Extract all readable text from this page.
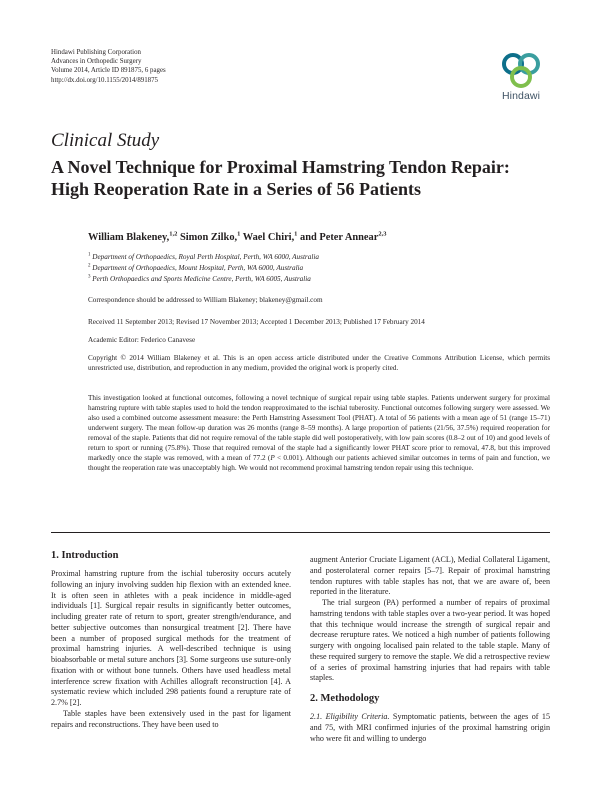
Hindawi Publishing Corporation
Advances in Orthopedic Surgery
Volume 2014, Article ID 891875, 6 pages
http://dx.doi.org/10.1155/2014/891875
Hindawi
Clinical Study
A Novel Technique for Proximal Hamstring Tendon Repair:
High Reoperation Rate in a Series of 56 Patients
William Blakeney,$^{1,2}$ Simon Zilko,$^1$ Wael Chiri,$^1$ and Peter Annear$^{2,3}$
$^1$ Department of Orthopaedics, Royal Perth Hospital, Perth, WA 6000, Australia
$^2$ Department of Orthopaedics, Mount Hospital, Perth, WA 6000, Australia
$^3$ Perth Orthopaedics and Sports Medicine Centre, Perth, WA 6005, Australia
Correspondence should be addressed to William Blakeney; blakeney@gmail.com
Received 11 September 2013; Revised 17 November 2013; Accepted 1 December 2013; Published 17 February 2014
Academic Editor: Federico Canavese
Copyright © 2014 William Blakeney et al. This is an open access article distributed under the Creative Commons Attribution License, which permits unrestricted use, distribution, and reproduction in any medium, provided the original work is properly cited.
This investigation looked at functional outcomes, following a novel technique of surgical repair using table staples. Patients underwent surgery for proximal hamstring rupture with table staples used to hold the tendon reapproximated to the ischial tuberosity. Functional outcomes following surgery were assessed. We also used a combined outcome assessment measure: the Perth Hamstring Assessment Tool (PHAT). A total of 56 patients with a mean age of 51 (range 15–71) underwent surgery. The mean follow-up duration was 26 months (range 8–59 months). A large proportion of patients (21/56, 37.5%) required reoperation for removal of the staple. Patients that did not require removal of the table staple did well postoperatively, with low pain scores (0.8–2 out of 10) and good levels of return to sport or running (75.8%). Those that required removal of the staple had a significantly lower PHAT score prior to removal, 47.8, but this improved markedly once the staple was removed, with a mean of 77.2 (P < 0.001). Although our patients achieved similar outcomes in terms of pain and function, we thought the reoperation rate was unacceptably high. We would not recommend proximal hamstring tendon repair using this technique.
1. Introduction

Proximal hamstring rupture from the ischial tuberosity occurs acutely following an injury involving sudden hip flexion with an extended knee. It is often seen in athletes with a peak incidence in middle-aged individuals [1]. Surgical repair results in significantly better outcomes, including greater rate of return to sport, greater strength/endurance, and better subjective outcomes than nonsurgical treatment [2]. There have been a number of proposed surgical methods for the treatment of proximal hamstring injuries. A well-described technique is using bioabsorbable or metal suture anchors [3]. Some surgeons use suture-only fixation with or without bone tunnels. Others have used headless metal interference screw fixation with Achilles allograft reconstruction [4]. A systematic review which included 298 patients found a rerupture rate of 2.7% [2].

Table staples have been extensively used in the past for ligament repairs and reconstructions. They have been used to

augment Anterior Cruciate Ligament (ACL), Medial Collateral Ligament, and posterolateral corner repairs [5–7]. Repair of proximal hamstring tendon ruptures with table staples has not, that we are aware of, been reported in the literature.

The trial surgeon (PA) performed a number of repairs of proximal hamstring tendons with table staples over a two-year period. It was hoped that this technique would increase the strength of surgical repair and decrease rerupture rates. We noticed a high number of patients following surgery with ongoing localised pain related to the table staple. Many of these required surgery to remove the staple. We did a retrospective review of a series of proximal hamstring injuries that had repairs with table staples.

2. Methodology

2.1. Eligibility Criteria. Symptomatic patients, between the ages of 15 and 75, with MRI confirmed injuries of the proximal hamstring origin who were fit and willing to undergo
